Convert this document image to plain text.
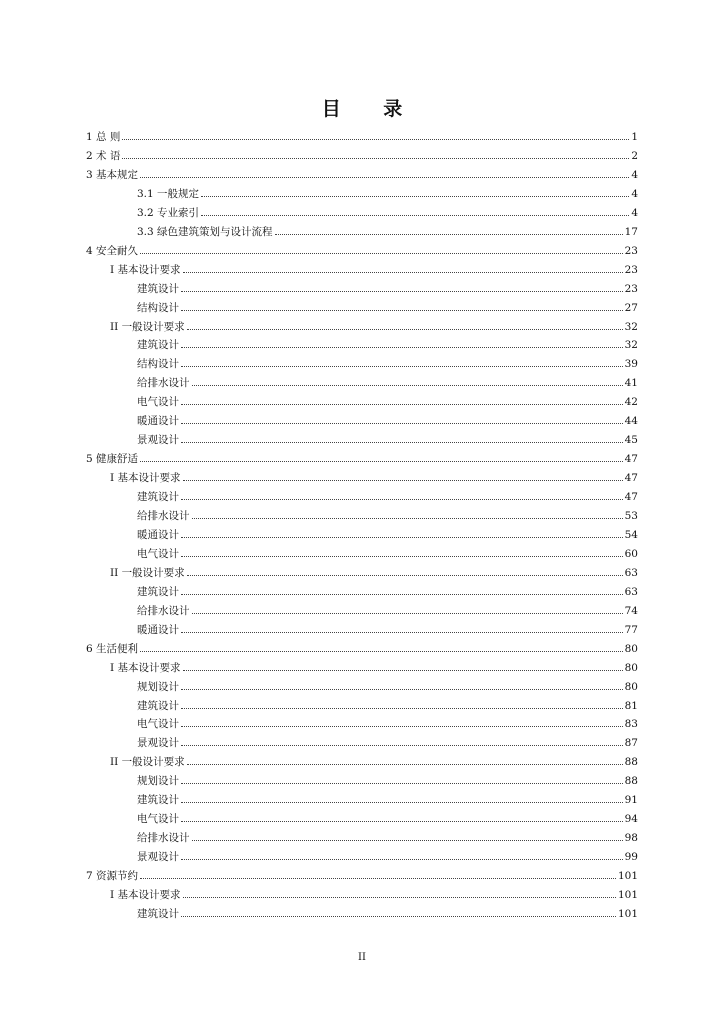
目 录
1 总 则	1
2 术 语	2
3 基本规定	4
3.1 一般规定	4
3.2 专业索引	4
3.3 绿色建筑策划与设计流程	17
4 安全耐久	23
I 基本设计要求	23
建筑设计	23
结构设计	27
II 一般设计要求	32
建筑设计	32
结构设计	39
给排水设计	41
电气设计	42
暖通设计	44
景观设计	45
5 健康舒适	47
I 基本设计要求	47
建筑设计	47
给排水设计	53
暖通设计	54
电气设计	60
II 一般设计要求	63
建筑设计	63
给排水设计	74
暖通设计	77
6 生活便利	80
I 基本设计要求	80
规划设计	80
建筑设计	81
电气设计	83
景观设计	87
II 一般设计要求	88
规划设计	88
建筑设计	91
电气设计	94
给排水设计	98
景观设计	99
7 资源节约	101
I 基本设计要求	101
建筑设计	101
II
